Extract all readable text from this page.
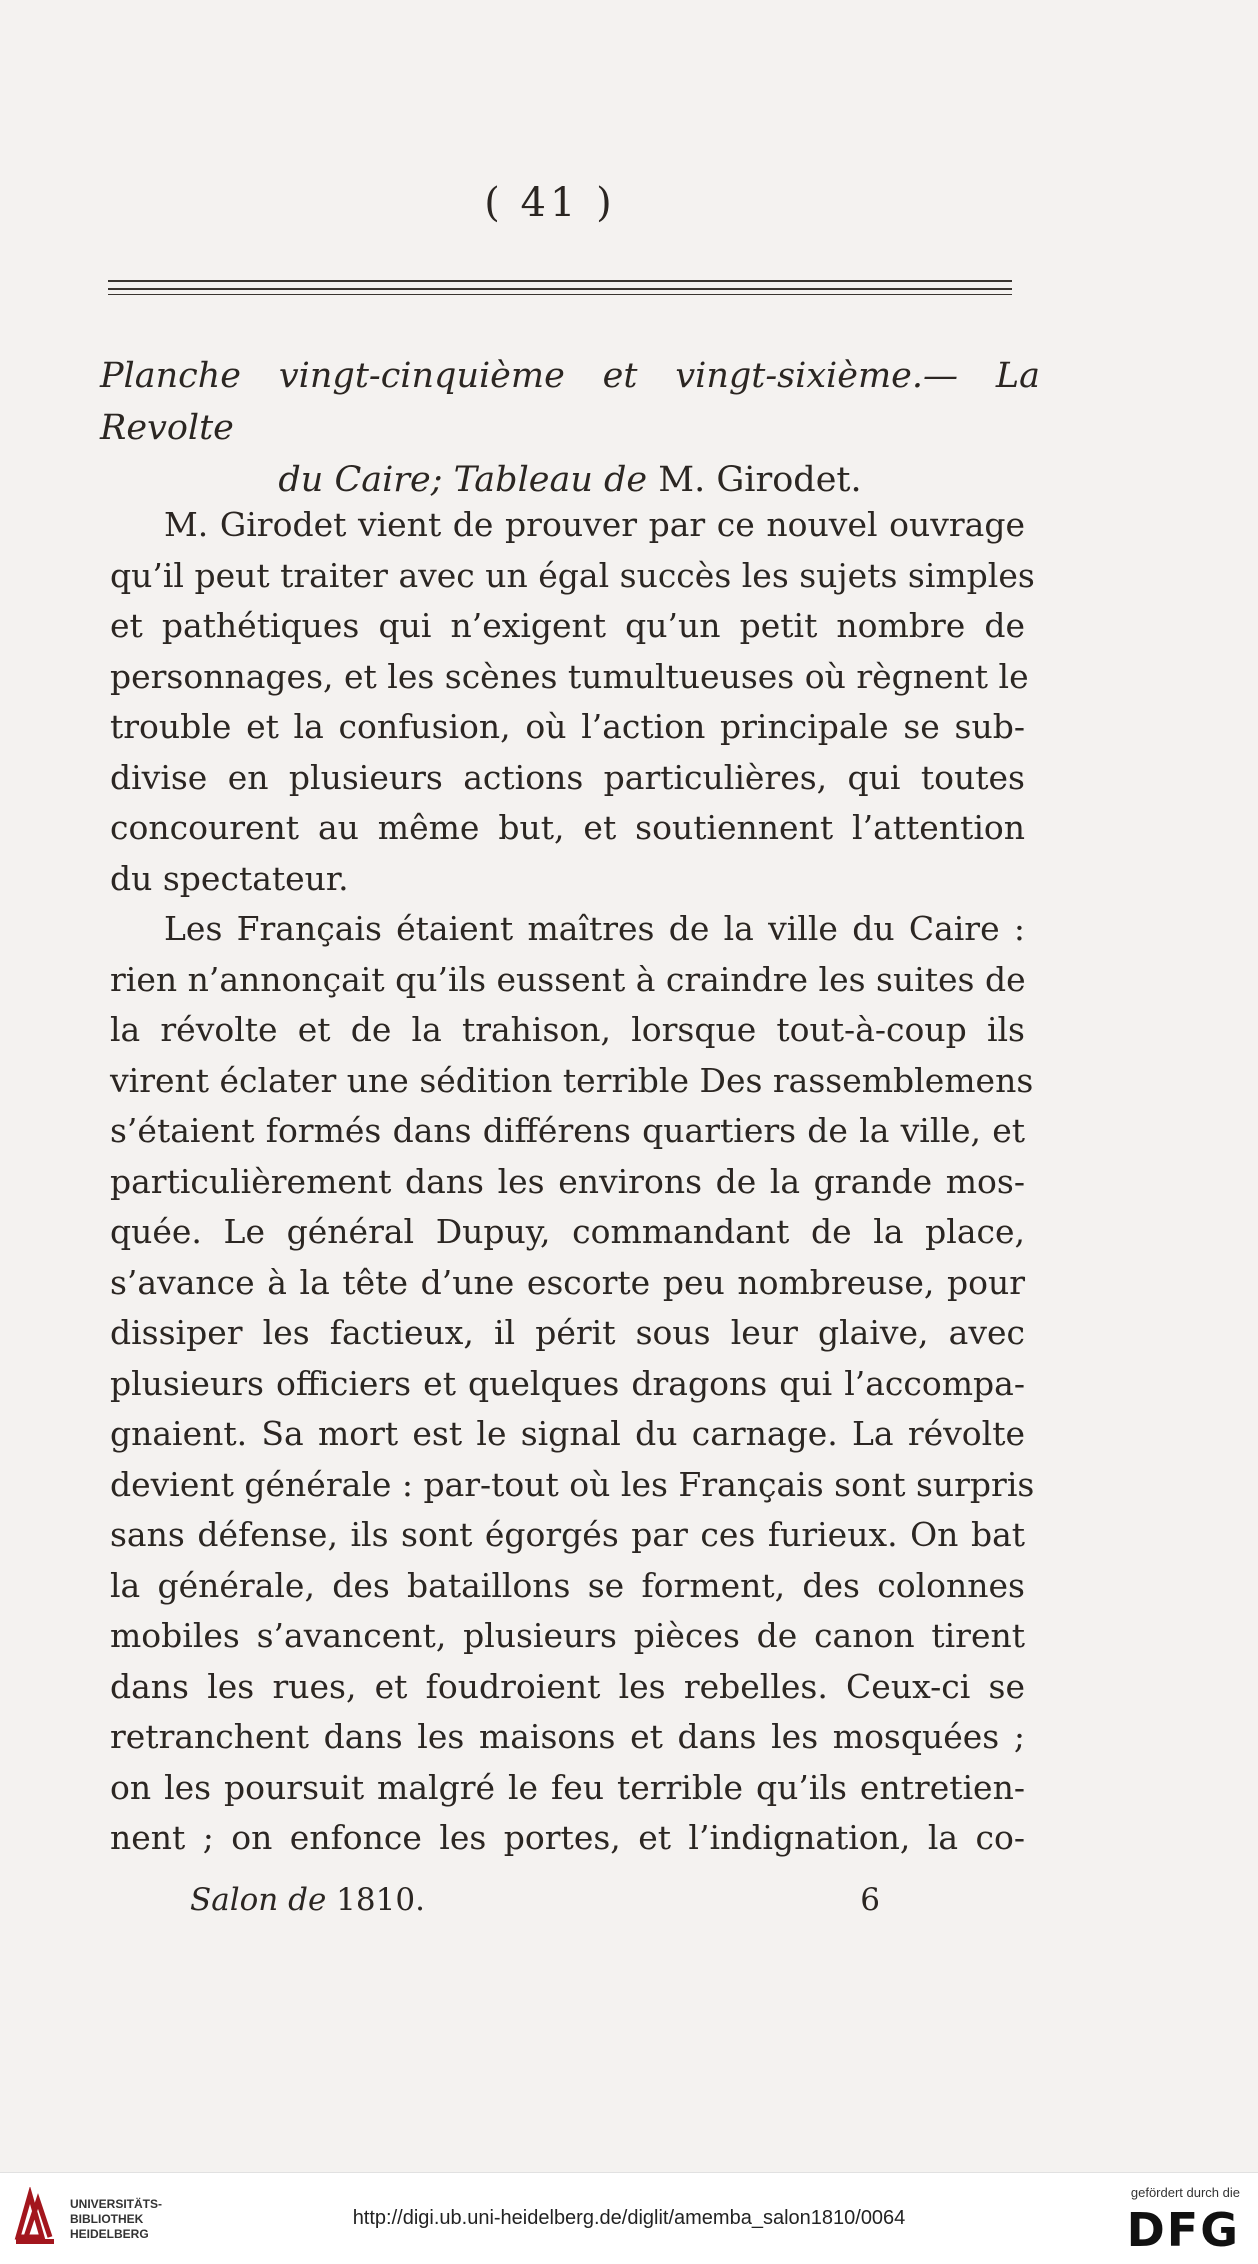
( 41 )
Planche vingt-cinquième et vingt-sixième.— La Revolte
du Caire; Tableau de M. Girodet.

M. Girodet vient de prouver par ce nouvel ouvrage
qu’il peut traiter avec un égal succès les sujets simples
et pathétiques qui n’exigent qu’un petit nombre de
personnages, et les scènes tumultueuses où règnent le
trouble et la confusion, où l’action principale se sub-
divise en plusieurs actions particulières, qui toutes
concourent au même but, et soutiennent l’attention
du spectateur.

Les Français étaient maîtres de la ville du Caire :
rien n’annonçait qu’ils eussent à craindre les suites de
la révolte et de la trahison, lorsque tout-à-coup ils
virent éclater une sédition terrible Des rassemblemens
s’étaient formés dans différens quartiers de la ville, et
particulièrement dans les environs de la grande mos-
quée. Le général Dupuy, commandant de la place,
s’avance à la tête d’une escorte peu nombreuse, pour
dissiper les factieux, il périt sous leur glaive, avec
plusieurs officiers et quelques dragons qui l’accompa-
gnaient. Sa mort est le signal du carnage. La révolte
devient générale : par-tout où les Français sont surpris
sans défense, ils sont égorgés par ces furieux. On bat
la générale, des bataillons se forment, des colonnes
mobiles s’avancent, plusieurs pièces de canon tirent
dans les rues, et foudroient les rebelles. Ceux-ci se
retranchent dans les maisons et dans les mosquées ;
on les poursuit malgré le feu terrible qu’ils entretien-
nent ; on enfonce les portes, et l’indignation, la co-

Salon de 1810.	6
UNIVERSITÄTS-
BIBLIOTHEK
HEIDELBERG
http://digi.ub.uni-heidelberg.de/diglit/amemba_salon1810/0064
gefördert durch die
DFG
